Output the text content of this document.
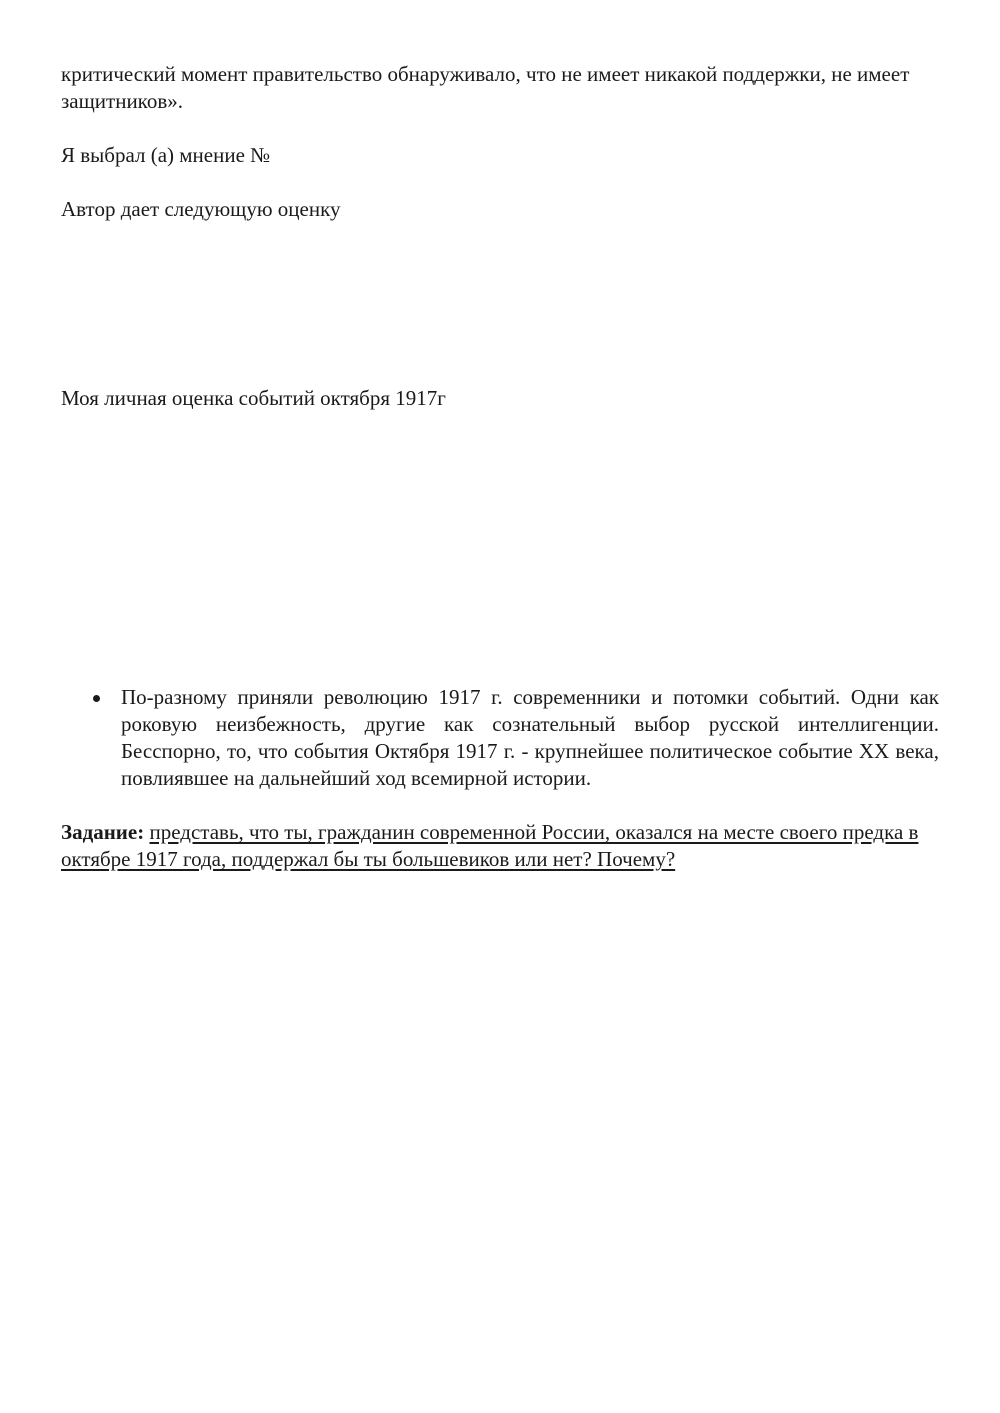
критический момент правительство обнаруживало, что не имеет никакой поддержки, не имеет защитников».

Я выбрал (а) мнение №

Автор дает следующую оценку

Моя личная оценка событий октября 1917г

По-разному приняли революцию 1917 г. современники и потомки событий. Одни как роковую неизбежность, другие как сознательный выбор русской интеллигенции. Бесспорно, то, что события Октября 1917 г. - крупнейшее политическое событие XX века, повлиявшее на дальнейший ход всемирной истории.

Задание: представь, что ты, гражданин современной России, оказался на месте своего предка в октябре 1917 года, поддержал бы ты большевиков или нет? Почему?
